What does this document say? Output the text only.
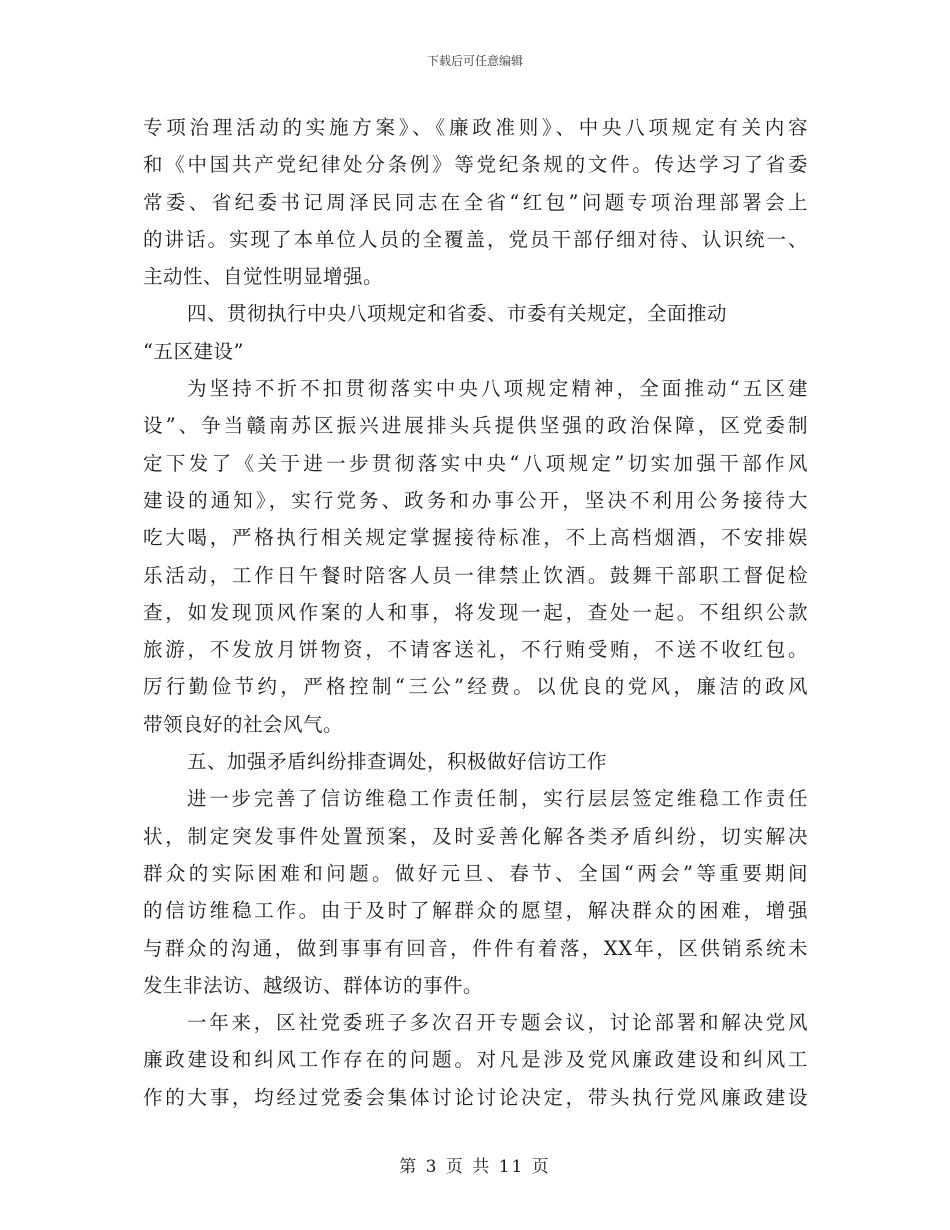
下载后可任意编辑
专项治理活动的实施方案》、《廉政准则》、中央八项规定有关内容
和《中国共产党纪律处分条例》等党纪条规的文件。传达学习了省委
常委、省纪委书记周泽民同志在全省“红包”问题专项治理部署会上
的讲话。实现了本单位人员的全覆盖，党员干部仔细对待、认识统一、
主动性、自觉性明显增强。
四、贯彻执行中央八项规定和省委、市委有关规定，全面推动
“五区建设”
为坚持不折不扣贯彻落实中央八项规定精神，全面推动“五区建
设”、争当赣南苏区振兴进展排头兵提供坚强的政治保障，区党委制
定下发了《关于进一步贯彻落实中央“八项规定”切实加强干部作风
建设的通知》，实行党务、政务和办事公开，坚决不利用公务接待大
吃大喝，严格执行相关规定掌握接待标准，不上高档烟酒，不安排娱
乐活动，工作日午餐时陪客人员一律禁止饮酒。鼓舞干部职工督促检
查，如发现顶风作案的人和事，将发现一起，查处一起。不组织公款
旅游，不发放月饼物资，不请客送礼，不行贿受贿，不送不收红包。
厉行勤俭节约，严格控制“三公”经费。以优良的党风，廉洁的政风
带领良好的社会风气。
五、加强矛盾纠纷排查调处，积极做好信访工作
进一步完善了信访维稳工作责任制，实行层层签定维稳工作责任
状，制定突发事件处置预案，及时妥善化解各类矛盾纠纷，切实解决
群众的实际困难和问题。做好元旦、春节、全国“两会”等重要期间
的信访维稳工作。由于及时了解群众的愿望，解决群众的困难，增强
与群众的沟通，做到事事有回音，件件有着落，XX年，区供销系统未
发生非法访、越级访、群体访的事件。
一年来，区社党委班子多次召开专题会议，讨论部署和解决党风
廉政建设和纠风工作存在的问题。对凡是涉及党风廉政建设和纠风工
作的大事，均经过党委会集体讨论讨论决定，带头执行党风廉政建设
第 3 页 共 11 页
